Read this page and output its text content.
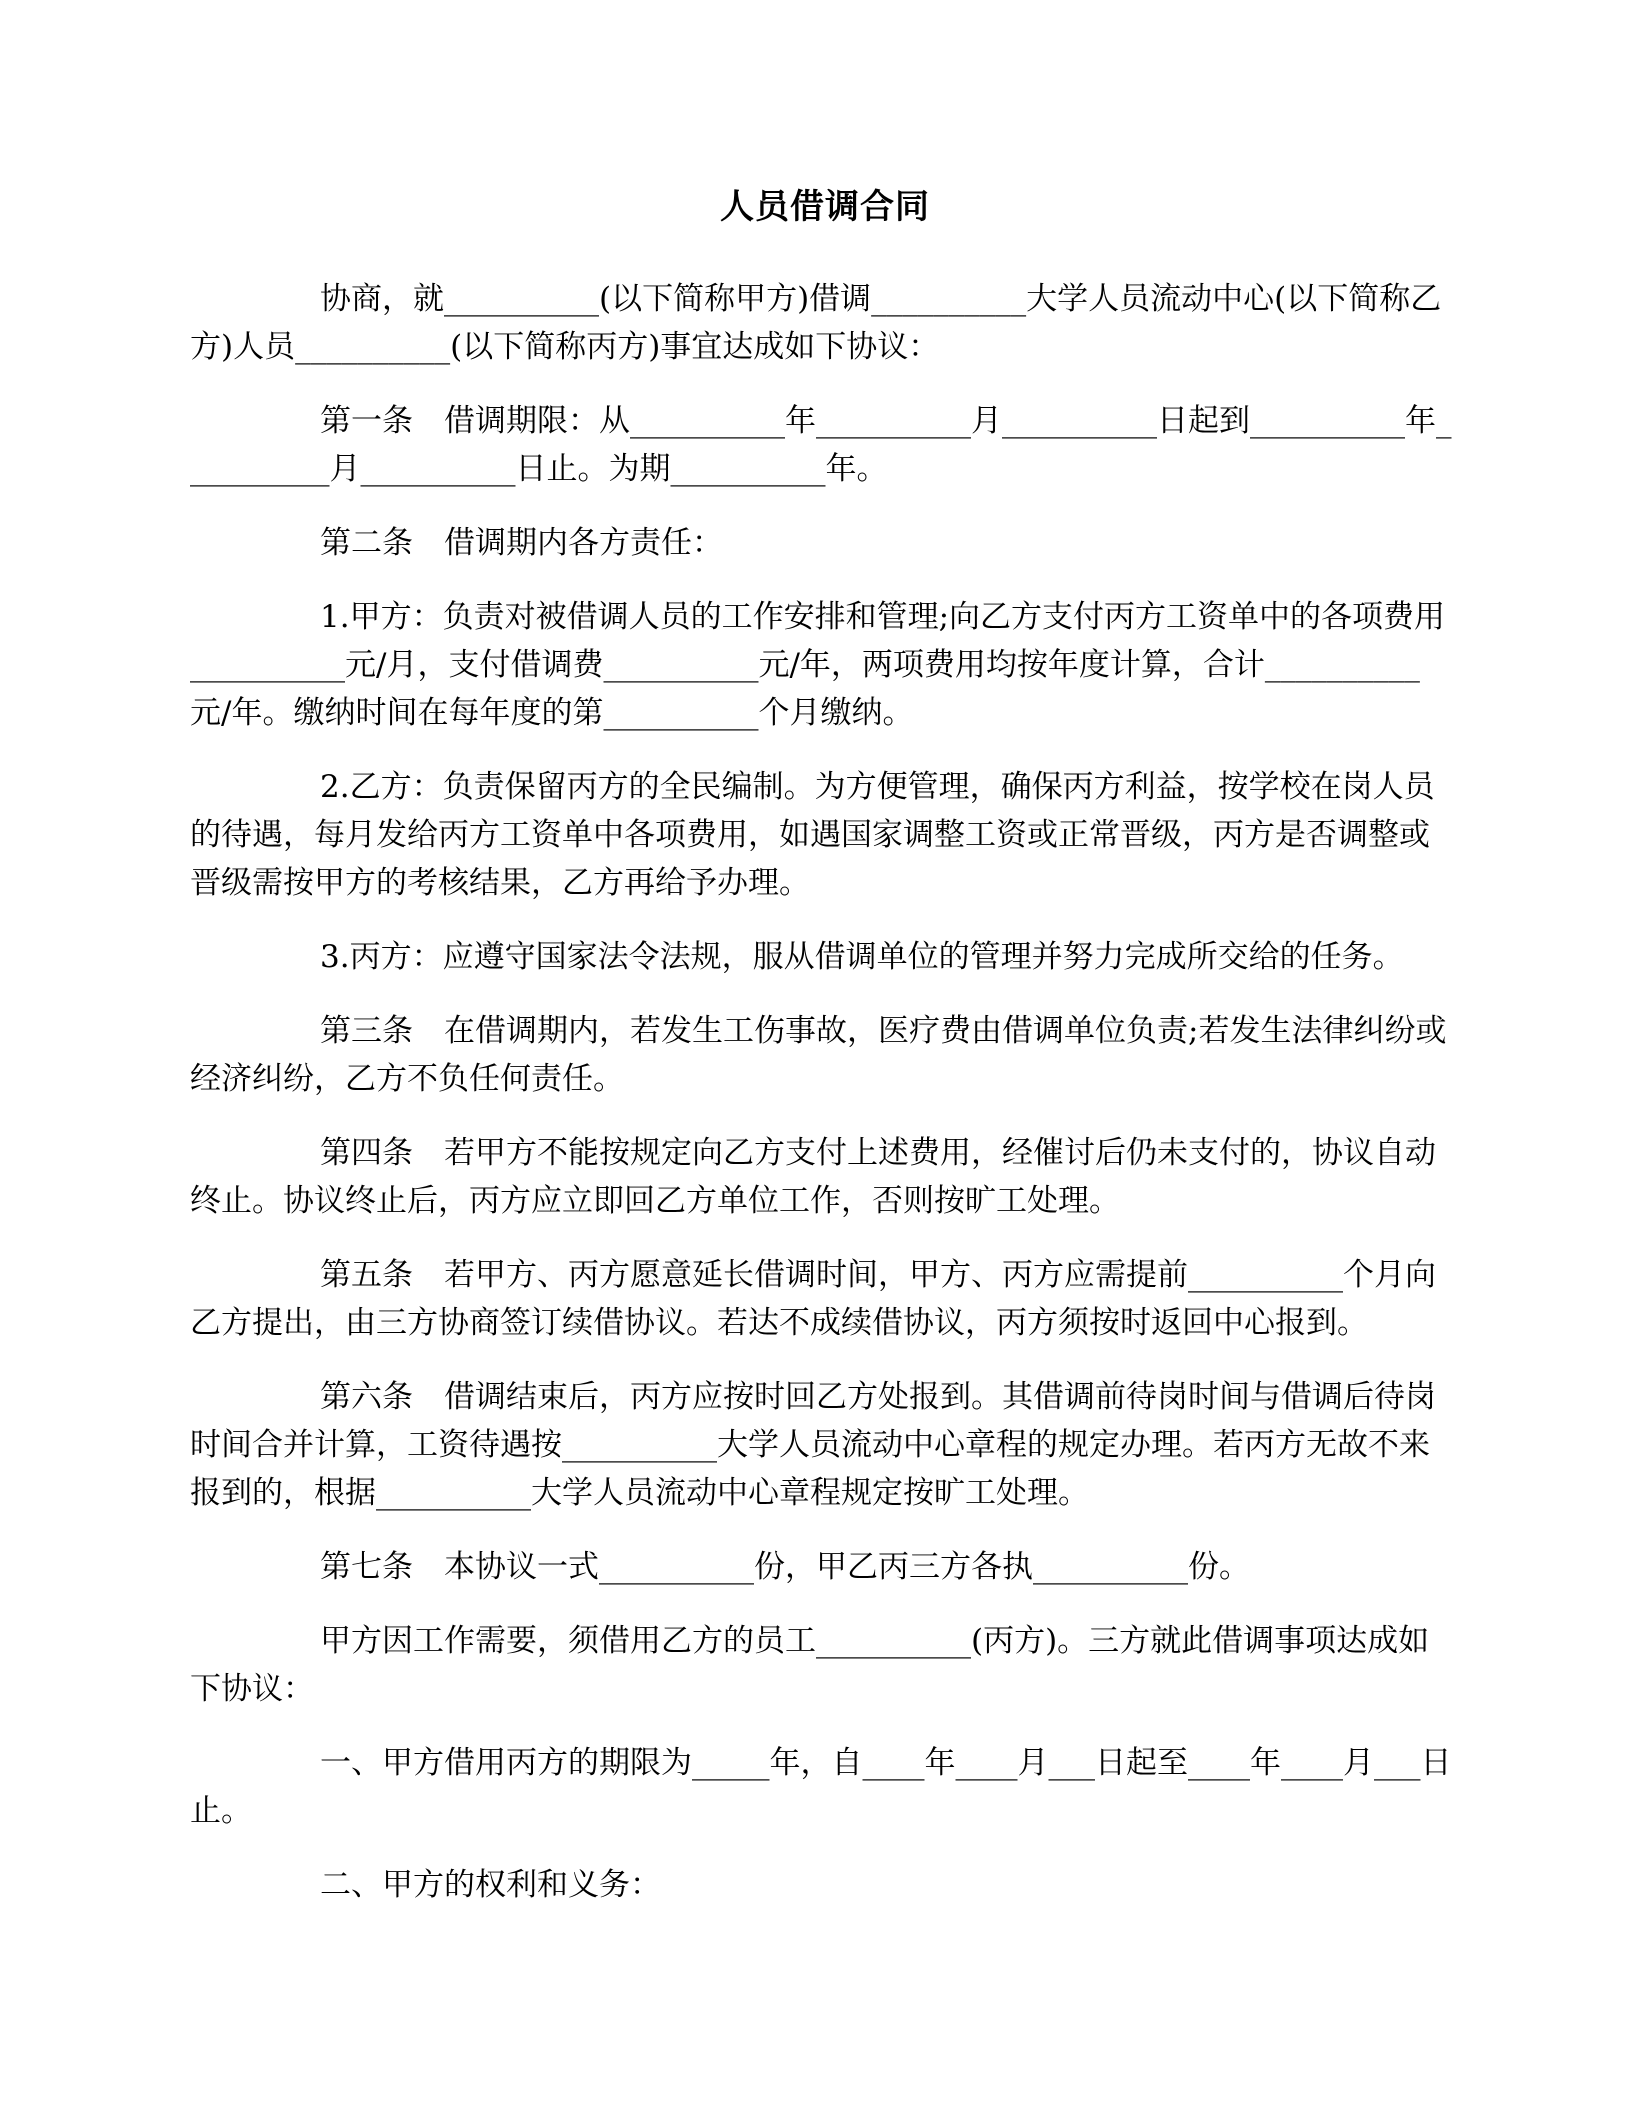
人员借调合同

协商，就__________(以下简称甲方)借调__________大学人员流动中心(以下简称乙方)人员__________(以下简称丙方)事宜达成如下协议：

第一条　借调期限：从__________年__________月__________日起到__________年__________月__________日止。为期__________年。

第二条　借调期内各方责任：

1.甲方：负责对被借调人员的工作安排和管理;向乙方支付丙方工资单中的各项费用__________元/月，支付借调费__________元/年，两项费用均按年度计算，合计__________元/年。缴纳时间在每年度的第__________个月缴纳。

2.乙方：负责保留丙方的全民编制。为方便管理，确保丙方利益，按学校在岗人员的待遇，每月发给丙方工资单中各项费用，如遇国家调整工资或正常晋级，丙方是否调整或晋级需按甲方的考核结果，乙方再给予办理。

3.丙方：应遵守国家法令法规，服从借调单位的管理并努力完成所交给的任务。

第三条　在借调期内，若发生工伤事故，医疗费由借调单位负责;若发生法律纠纷或经济纠纷，乙方不负任何责任。

第四条　若甲方不能按规定向乙方支付上述费用，经催讨后仍未支付的，协议自动终止。协议终止后，丙方应立即回乙方单位工作，否则按旷工处理。

第五条　若甲方、丙方愿意延长借调时间，甲方、丙方应需提前__________个月向乙方提出，由三方协商签订续借协议。若达不成续借协议，丙方须按时返回中心报到。

第六条　借调结束后，丙方应按时回乙方处报到。其借调前待岗时间与借调后待岗时间合并计算，工资待遇按__________大学人员流动中心章程的规定办理。若丙方无故不来报到的，根据__________大学人员流动中心章程规定按旷工处理。

第七条　本协议一式__________份，甲乙丙三方各执__________份。

甲方因工作需要，须借用乙方的员工__________(丙方)。三方就此借调事项达成如下协议：

一、甲方借用丙方的期限为_____年，自____年____月___日起至____年____月___日止。

二、甲方的权利和义务：
